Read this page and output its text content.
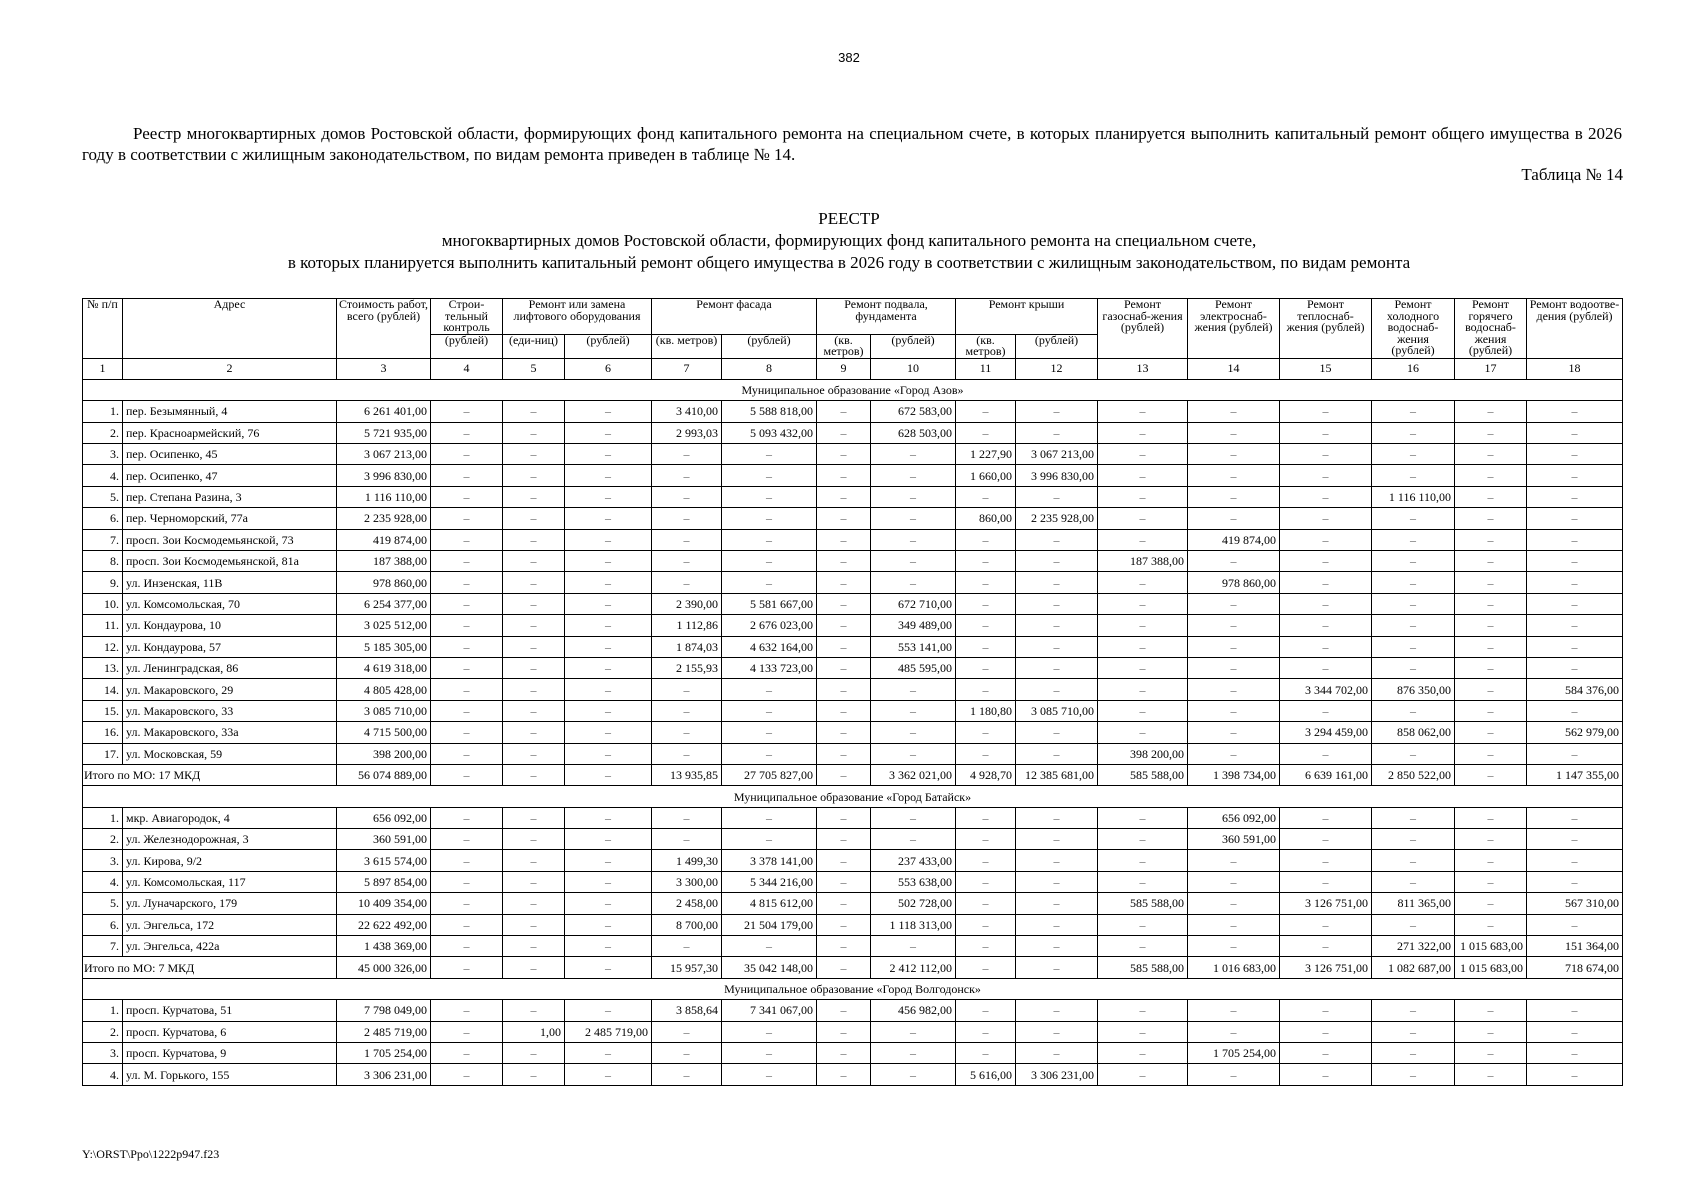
382
Реестр многоквартирных домов Ростовской области, формирующих фонд капитального ремонта на специальном счете, в которых планируется выполнить капитальный ремонт общего имущества в 2026 году в соответствии с жилищным законодательством, по видам ремонта приведен в таблице № 14.
Таблица № 14
РЕЕСТР
многоквартирных домов Ростовской области, формирующих фонд капитального ремонта на специальном счете,
в которых планируется выполнить капитальный ремонт общего имущества в 2026 году в соответствии с жилищным законодательством, по видам ремонта
№ п/п	Адрес	Стоимость работ, всего (рублей)	Строи-тельный контроль	Ремонт или замена лифтового оборудования		Ремонт фасада		Ремонт подвала, фундамента		Ремонт крыши		Ремонт газоснаб-жения (рублей)	Ремонт электроснаб-жения (рублей)	Ремонт теплоснаб-жения (рублей)	Ремонт холодного водоснаб-жения (рублей)	Ремонт горячего водоснаб-жения (рублей)	Ремонт водоотве-дения (рублей)
			(рублей)	(еди-ниц)	(рублей)	(кв. метров)	(рублей)	(кв. метров)	(рублей)	(кв. метров)	(рублей)						
1	2	3	4	5	6	7	8	9	10	11	12	13	14	15	16	17	18
Муниципальное образование «Город Азов»																	
1.	пер. Безымянный, 4	6 261 401,00	–	–	–	3 410,00	5 588 818,00	–	672 583,00	–	–	–	–	–	–	–	–
2.	пер. Красноармейский, 76	5 721 935,00	–	–	–	2 993,03	5 093 432,00	–	628 503,00	–	–	–	–	–	–	–	–
3.	пер. Осипенко, 45	3 067 213,00	–	–	–	–	–	–	–	1 227,90	3 067 213,00	–	–	–	–	–	–
4.	пер. Осипенко, 47	3 996 830,00	–	–	–	–	–	–	–	1 660,00	3 996 830,00	–	–	–	–	–	–
5.	пер. Степана Разина, 3	1 116 110,00	–	–	–	–	–	–	–	–	–	–	–	–	1 116 110,00	–	–
6.	пер. Черноморский, 77а	2 235 928,00	–	–	–	–	–	–	–	860,00	2 235 928,00	–	–	–	–	–	–
7.	просп. Зои Космодемьянской, 73	419 874,00	–	–	–	–	–	–	–	–	–	–	419 874,00	–	–	–	–
8.	просп. Зои Космодемьянской, 81а	187 388,00	–	–	–	–	–	–	–	–	–	187 388,00	–	–	–	–	–
9.	ул. Инзенская, 11В	978 860,00	–	–	–	–	–	–	–	–	–	–	978 860,00	–	–	–	–
10.	ул. Комсомольская, 70	6 254 377,00	–	–	–	2 390,00	5 581 667,00	–	672 710,00	–	–	–	–	–	–	–	–
11.	ул. Кондаурова, 10	3 025 512,00	–	–	–	1 112,86	2 676 023,00	–	349 489,00	–	–	–	–	–	–	–	–
12.	ул. Кондаурова, 57	5 185 305,00	–	–	–	1 874,03	4 632 164,00	–	553 141,00	–	–	–	–	–	–	–	–
13.	ул. Ленинградская, 86	4 619 318,00	–	–	–	2 155,93	4 133 723,00	–	485 595,00	–	–	–	–	–	–	–	–
14.	ул. Макаровского, 29	4 805 428,00	–	–	–	–	–	–	–	–	–	–	–	3 344 702,00	876 350,00	–	584 376,00
15.	ул. Макаровского, 33	3 085 710,00	–	–	–	–	–	–	–	1 180,80	3 085 710,00	–	–	–	–	–	–
16.	ул. Макаровского, 33а	4 715 500,00	–	–	–	–	–	–	–	–	–	–	–	3 294 459,00	858 062,00	–	562 979,00
17.	ул. Московская, 59	398 200,00	–	–	–	–	–	–	–	–	–	398 200,00	–	–	–	–	–
Итого по МО: 17 МКД		56 074 889,00	–	–	–	13 935,85	27 705 827,00	–	3 362 021,00	4 928,70	12 385 681,00	585 588,00	1 398 734,00	6 639 161,00	2 850 522,00	–	1 147 355,00
Муниципальное образование «Город Батайск»																	
1.	мкр. Авиагородок, 4	656 092,00	–	–	–	–	–	–	–	–	–	–	656 092,00	–	–	–	–
2.	ул. Железнодорожная, 3	360 591,00	–	–	–	–	–	–	–	–	–	–	360 591,00	–	–	–	–
3.	ул. Кирова, 9/2	3 615 574,00	–	–	–	1 499,30	3 378 141,00	–	237 433,00	–	–	–	–	–	–	–	–
4.	ул. Комсомольская, 117	5 897 854,00	–	–	–	3 300,00	5 344 216,00	–	553 638,00	–	–	–	–	–	–	–	–
5.	ул. Луначарского, 179	10 409 354,00	–	–	–	2 458,00	4 815 612,00	–	502 728,00	–	–	585 588,00	–	3 126 751,00	811 365,00	–	567 310,00
6.	ул. Энгельса, 172	22 622 492,00	–	–	–	8 700,00	21 504 179,00	–	1 118 313,00	–	–	–	–	–	–	–	–
7.	ул. Энгельса, 422а	1 438 369,00	–	–	–	–	–	–	–	–	–	–	–	–	271 322,00	1 015 683,00	151 364,00
Итого по МО: 7 МКД		45 000 326,00	–	–	–	15 957,30	35 042 148,00	–	2 412 112,00	–	–	585 588,00	1 016 683,00	3 126 751,00	1 082 687,00	1 015 683,00	718 674,00
Муниципальное образование «Город Волгодонск»																	
1.	просп. Курчатова, 51	7 798 049,00	–	–	–	3 858,64	7 341 067,00	–	456 982,00	–	–	–	–	–	–	–	–
2.	просп. Курчатова, 6	2 485 719,00	–	1,00	2 485 719,00	–	–	–	–	–	–	–	–	–	–	–	–
3.	просп. Курчатова, 9	1 705 254,00	–	–	–	–	–	–	–	–	–	–	1 705 254,00	–	–	–	–
4.	ул. М. Горького, 155	3 306 231,00	–	–	–	–	–	–	–	5 616,00	3 306 231,00	–	–	–	–	–	–
Y:\ORST\Ppo\1222p947.f23
